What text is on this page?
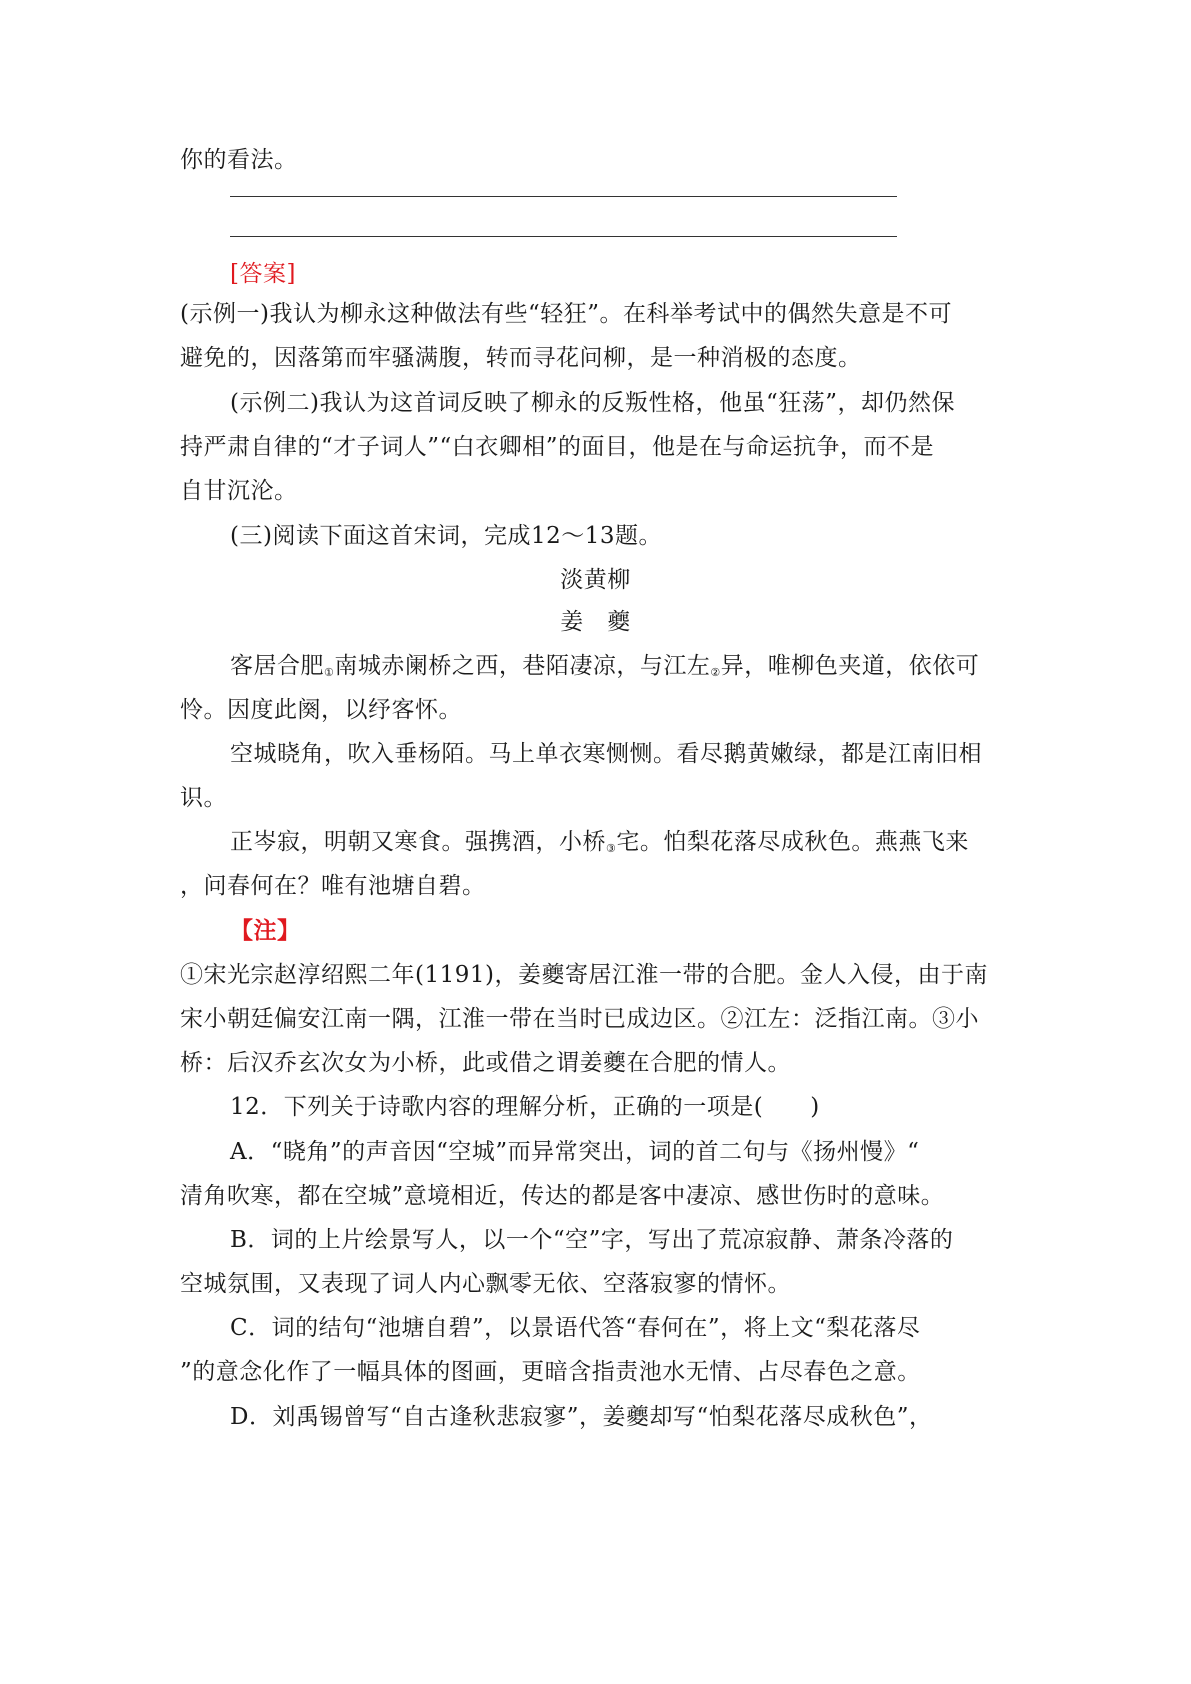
你的看法。
[答案]
(示例一)我认为柳永这种做法有些“轻狂”。在科举考试中的偶然失意是不可
避免的，因落第而牢骚满腹，转而寻花问柳，是一种消极的态度。
(示例二)我认为这首词反映了柳永的反叛性格，他虽“狂荡”，却仍然保
持严肃自律的“才子词人”“白衣卿相”的面目，他是在与命运抗争，而不是
自甘沉沦。
(三)阅读下面这首宋词，完成12～13题。
淡黄柳
姜　夔
客居合肥$_①$南城赤阑桥之西，巷陌凄凉，与江左$_②$异，唯柳色夹道，依依可
怜。因度此阕，以纾客怀。
空城晓角，吹入垂杨陌。马上单衣寒恻恻。看尽鹅黄嫩绿，都是江南旧相
识。
正岑寂，明朝又寒食。强携酒，小桥$_③$宅。怕梨花落尽成秋色。燕燕飞来
，问春何在？唯有池塘自碧。
【注】
①宋光宗赵淳绍熙二年(1191)，姜夔寄居江淮一带的合肥。金人入侵，由于南
宋小朝廷偏安江南一隅，江淮一带在当时已成边区。②江左：泛指江南。③小
桥：后汉乔玄次女为小桥，此或借之谓姜夔在合肥的情人。
12．下列关于诗歌内容的理解分析，正确的一项是(　　)
A．“晓角”的声音因“空城”而异常突出，词的首二句与《扬州慢》“
清角吹寒，都在空城”意境相近，传达的都是客中凄凉、感世伤时的意味。
B．词的上片绘景写人，以一个“空”字，写出了荒凉寂静、萧条冷落的
空城氛围，又表现了词人内心飘零无依、空落寂寥的情怀。
C．词的结句“池塘自碧”，以景语代答“春何在”，将上文“梨花落尽
”的意念化作了一幅具体的图画，更暗含指责池水无情、占尽春色之意。
D．刘禹锡曾写“自古逢秋悲寂寥”，姜夔却写“怕梨花落尽成秋色”，
